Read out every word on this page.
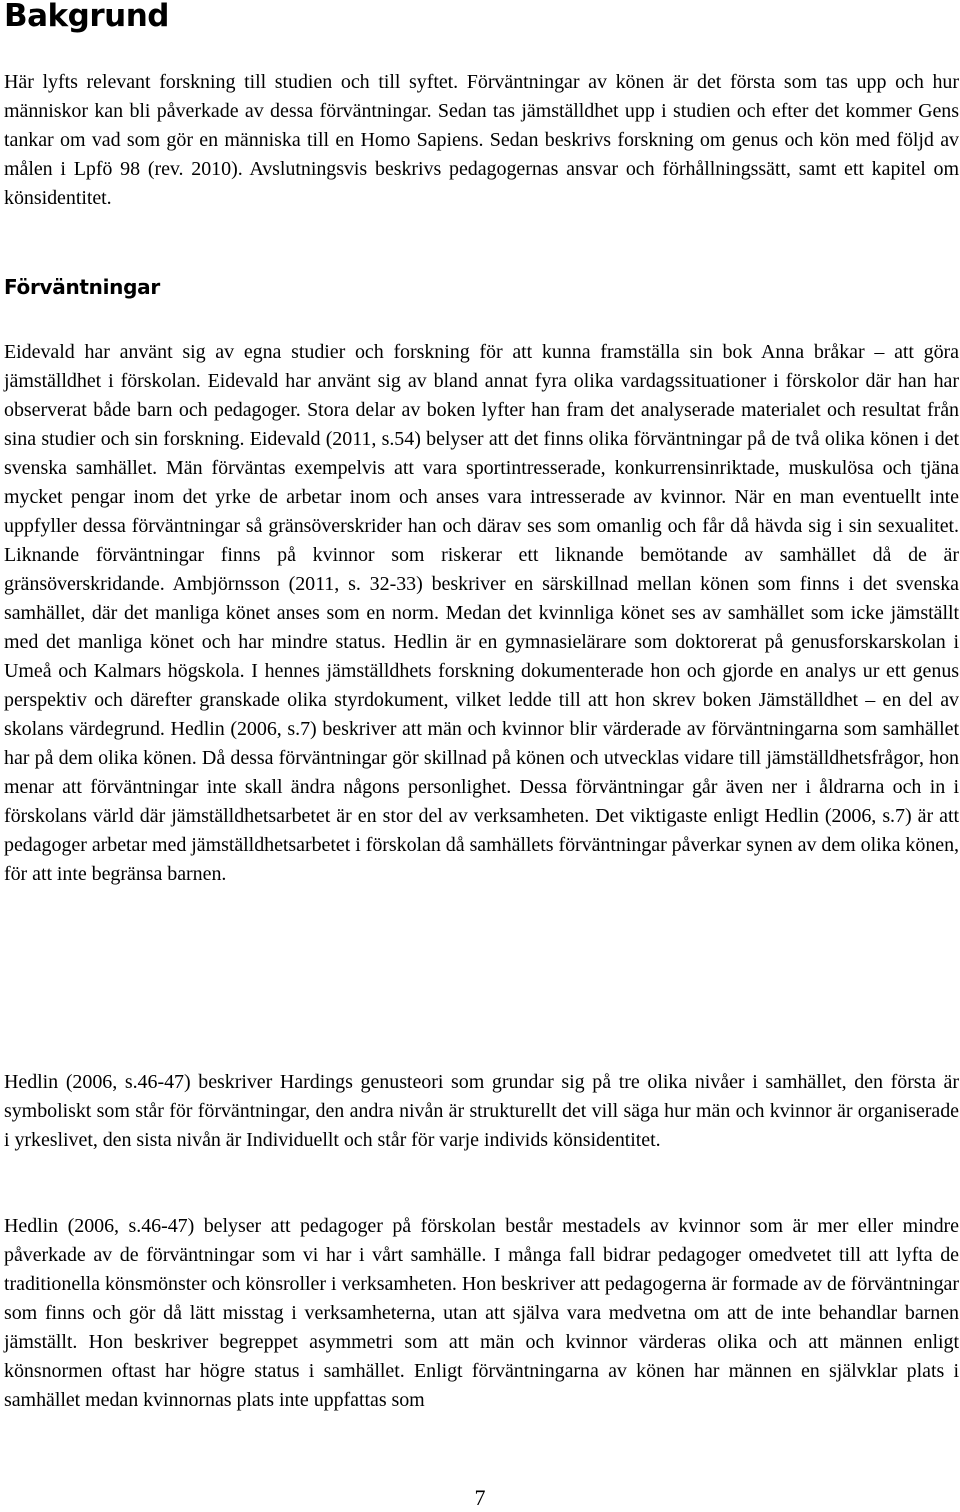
Bakgrund

Här lyfts relevant forskning till studien och till syftet. Förväntningar av könen är det första som tas upp och hur människor kan bli påverkade av dessa förväntningar. Sedan tas jämställdhet upp i studien och efter det kommer Gens tankar om vad som gör en människa till en Homo Sapiens. Sedan beskrivs forskning om genus och kön med följd av målen i Lpfö 98 (rev. 2010). Avslutningsvis beskrivs pedagogernas ansvar och förhållningssätt, samt ett kapitel om könsidentitet.

Förväntningar

Eidevald har använt sig av egna studier och forskning för att kunna framställa sin bok Anna bråkar – att göra jämställdhet i förskolan. Eidevald har använt sig av bland annat fyra olika vardagssituationer i förskolor där han har observerat både barn och pedagoger. Stora delar av boken lyfter han fram det analyserade materialet och resultat från sina studier och sin forskning. Eidevald (2011, s.54) belyser att det finns olika förväntningar på de två olika könen i det svenska samhället. Män förväntas exempelvis att vara sportintresserade, konkurrensinriktade, muskulösa och tjäna mycket pengar inom det yrke de arbetar inom och anses vara intresserade av kvinnor. När en man eventuellt inte uppfyller dessa förväntningar så gränsöverskrider han och därav ses som omanlig och får då hävda sig i sin sexualitet. Liknande förväntningar finns på kvinnor som riskerar ett liknande bemötande av samhället då de är gränsöverskridande. Ambjörnsson (2011, s. 32-33) beskriver en särskillnad mellan könen som finns i det svenska samhället, där det manliga könet anses som en norm. Medan det kvinnliga könet ses av samhället som icke jämställt med det manliga könet och har mindre status. Hedlin är en gymnasielärare som doktorerat på genusforskarskolan i Umeå och Kalmars högskola. I hennes jämställdhets forskning dokumenterade hon och gjorde en analys ur ett genus perspektiv och därefter granskade olika styrdokument, vilket ledde till att hon skrev boken Jämställdhet – en del av skolans värdegrund. Hedlin (2006, s.7) beskriver att män och kvinnor blir värderade av förväntningarna som samhället har på dem olika könen. Då dessa förväntningar gör skillnad på könen och utvecklas vidare till jämställdhetsfrågor, hon menar att förväntningar inte skall ändra någons personlighet. Dessa förväntningar går även ner i åldrarna och in i förskolans värld där jämställdhetsarbetet är en stor del av verksamheten. Det viktigaste enligt Hedlin (2006, s.7) är att pedagoger arbetar med jämställdhetsarbetet i förskolan då samhällets förväntningar påverkar synen av dem olika könen, för att inte begränsa barnen.

Hedlin (2006, s.46-47) beskriver Hardings genusteori som grundar sig på tre olika nivåer i samhället, den första är symboliskt som står för förväntningar, den andra nivån är strukturellt det vill säga hur män och kvinnor är organiserade i yrkeslivet, den sista nivån är Individuellt och står för varje individs könsidentitet.

Hedlin (2006, s.46-47) belyser att pedagoger på förskolan består mestadels av kvinnor som är mer eller mindre påverkade av de förväntningar som vi har i vårt samhälle. I många fall bidrar pedagoger omedvetet till att lyfta de traditionella könsmönster och könsroller i verksamheten. Hon beskriver att pedagogerna är formade av de förväntningar som finns och gör då lätt misstag i verksamheterna, utan att själva vara medvetna om att de inte behandlar barnen jämställt. Hon beskriver begreppet asymmetri som att män och kvinnor värderas olika och att männen enligt könsnormen oftast har högre status i samhället. Enligt förväntningarna av könen har männen en självklar plats i samhället medan kvinnornas plats inte uppfattas som

7
